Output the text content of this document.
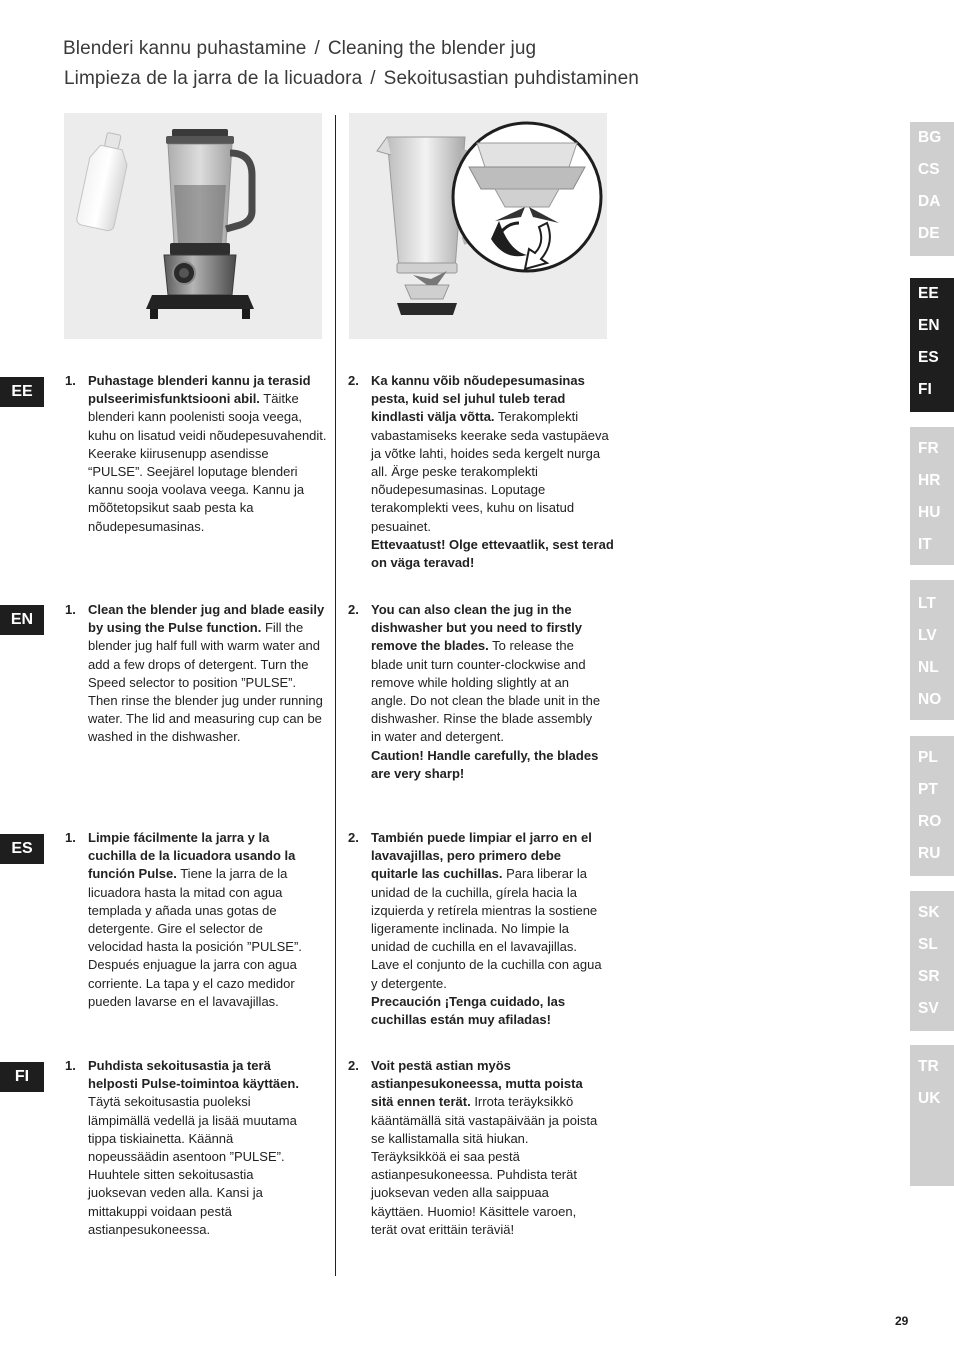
Blenderi kannu puhastamine / Cleaning the blender jug
Limpieza de la jarra de la licuadora / Sekoitusastian puhdistaminen
EE
1. Puhastage blenderi kannu ja terasid pulseerimisfunktsiooni abil. Täitke blenderi kann poolenisti sooja veega, kuhu on lisatud veidi nõudepesuvahendit. Keerake kiirusenupp asendisse “PULSE”. Seejärel loputage blenderi kannu sooja voolava veega. Kannu ja mõõtetopsikut saab pesta ka nõudepesumasinas.
2. Ka kannu võib nõudepesumasinas pesta, kuid sel juhul tuleb terad kindlasti välja võtta. Terakomplekti vabastamiseks keerake seda vastupäeva ja võtke lahti, hoides seda kergelt nurga all. Ärge peske terakomplekti nõudepesumasinas. Loputage terakomplekti vees, kuhu on lisatud pesuainet.
Ettevaatust! Olge ettevaatlik, sest terad on väga teravad!
EN
1. Clean the blender jug and blade easily by using the Pulse function. Fill the blender jug half full with warm water and add a few drops of detergent. Turn the Speed selector to position ”PULSE”. Then rinse the blender jug under running water. The lid and measuring cup can be washed in the dishwasher.
2. You can also clean the jug in the dishwasher but you need to firstly remove the blades. To release the blade unit turn counter-clockwise and remove while holding slightly at an angle. Do not clean the blade unit in the dishwasher. Rinse the blade assembly in water and detergent.
Caution! Handle carefully, the blades are very sharp!
ES
1. Limpie fácilmente la jarra y la cuchilla de la licuadora usando la función Pulse. Tiene la jarra de la licuadora hasta la mitad con agua templada y añada unas gotas de detergente. Gire el selector de velocidad hasta la posición ”PULSE”. Después enjuague la jarra con agua corriente. La tapa y el cazo medidor pueden lavarse en el lavavajillas.
2. También puede limpiar el jarro en el lavavajillas, pero primero debe quitarle las cuchillas. Para liberar la unidad de la cuchilla, gírela hacia la izquierda y retírela mientras la sostiene ligeramente inclinada. No limpie la unidad de cuchilla en el lavavajillas. Lave el conjunto de la cuchilla con agua y detergente.
Precaución ¡Tenga cuidado, las cuchillas están muy afiladas!
FI
1. Puhdista sekoitusastia ja terä helposti Pulse-toimintoa käyttäen. Täytä sekoitusastia puoleksi lämpimällä vedellä ja lisää muutama tippa tiskiainetta. Käännä nopeussäädin asentoon ”PULSE”. Huuhtele sitten sekoitusastia juoksevan veden alla. Kansi ja mittakuppi voidaan pestä astianpesukoneessa.
2. Voit pestä astian myös astianpesukoneessa, mutta poista sitä ennen terät. Irrota teräyksikkö kääntämällä sitä vastapäivään ja poista se kallistamalla sitä hiukan. Teräyksikköä ei saa pestä astianpesukoneessa. Puhdista terät juoksevan veden alla saippuaa käyttäen. Huomio! Käsittele varoen, terät ovat erittäin teräviä!
BG
CS
DA
DE
EE
EN
ES
FI
FR
HR
HU
IT
LT
LV
NL
NO
PL
PT
RO
RU
SK
SL
SR
SV
TR
UK
29
